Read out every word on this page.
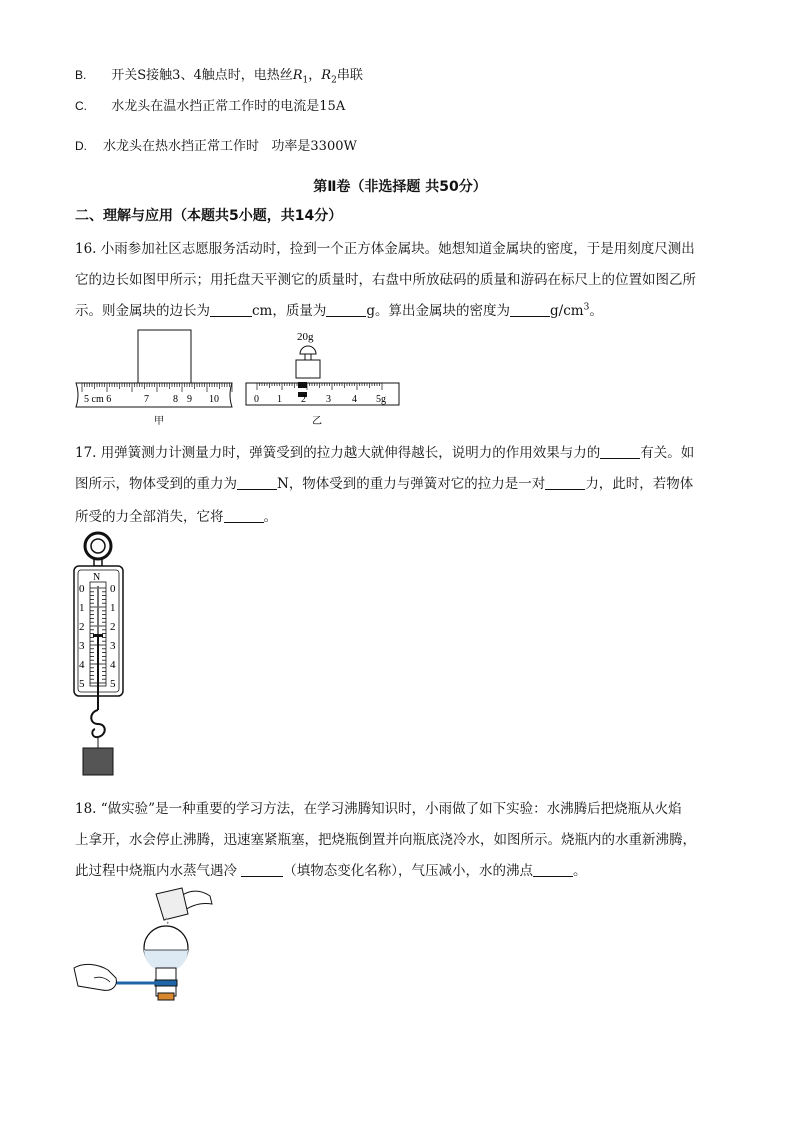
B. 开关S接触3、4触点时，电热丝$R_1$，$R_2$串联
C. 水龙头在温水挡正常工作时的电流是15A
D. 水龙头在热水挡正常工作时   功率是3300W
第Ⅱ卷（非选择题 共50分）
二、理解与应用（本题共5小题，共14分）
16. 小雨参加社区志愿服务活动时，捡到一个正方体金属块。她想知道金属块的密度，于是用刻度尺测出
它的边长如图甲所示；用托盘天平测它的质量时，右盘中所放砝码的质量和游码在标尺上的位置如图乙所
示。则金属块的边长为	cm，质量为	g。算出金属块的密度为	$g/cm^3$。
5 cm 6	7 8 9 10
甲
20g
0 1 2 3 4 5g
乙
17. 用弹簧测力计测量力时，弹簧受到的拉力越大就伸得越长，说明力的作用效果与力的	有关。如
图所示，物体受到的重力为	N，物体受到的重力与弹簧对它的拉力是一对	力，此时，若物体
所受的力全部消失，它将	。
N
0
1
2
3
4
5
0
1
2
3
4
5
18. “做实验”是一种重要的学习方法，在学习沸腾知识时，小雨做了如下实验：水沸腾后把烧瓶从火焰
上拿开，水会停止沸腾，迅速塞紧瓶塞，把烧瓶倒置并向瓶底浇冷水，如图所示。烧瓶内的水重新沸腾，
此过程中烧瓶内水蒸气遇冷	（填物态变化名称），气压减小，水的沸点	。
